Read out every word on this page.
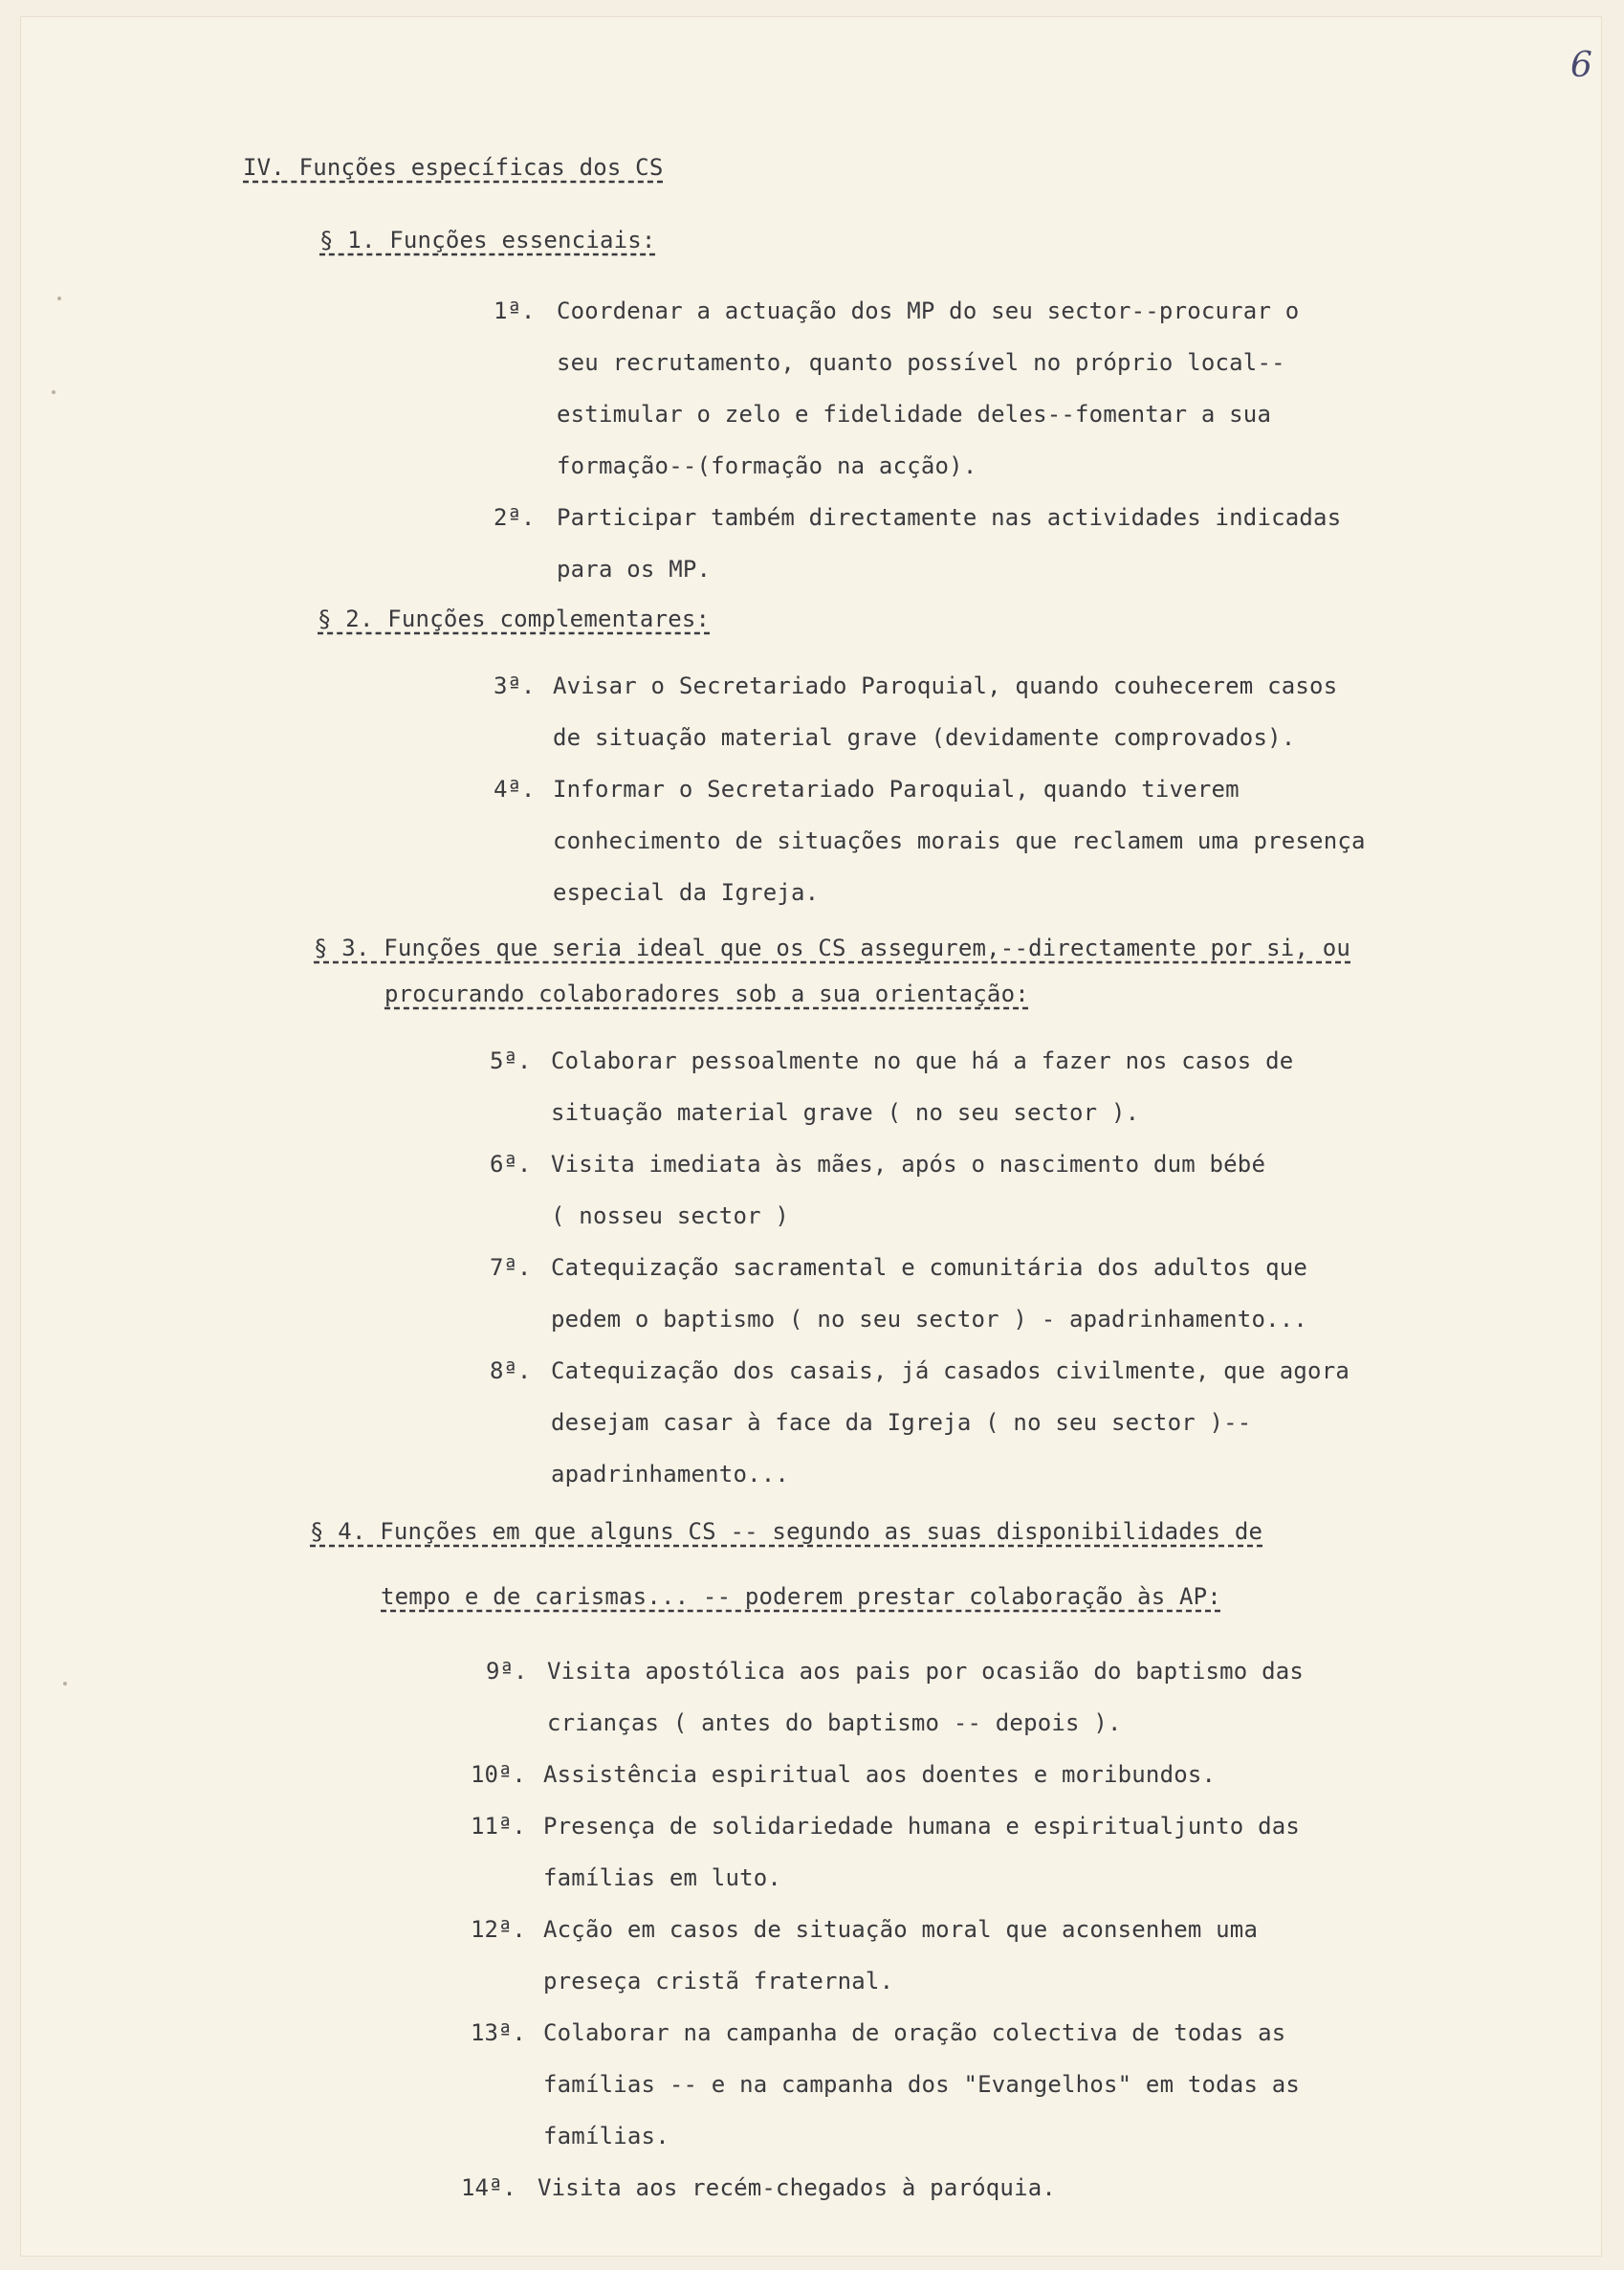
6
IV. Funções específicas dos CS
§ 1. Funções essenciais:
1ª. Coordenar a actuação dos MP do seu sector--procurar o
seu recrutamento, quanto possível no próprio local--
estimular o zelo e fidelidade deles--fomentar a sua
formação--(formação na acção).
2ª. Participar também directamente nas actividades indicadas
para os MP.
§ 2. Funções complementares:
3ª. Avisar o Secretariado Paroquial, quando couhecerem casos
de situação material grave (devidamente comprovados).
4ª. Informar o Secretariado Paroquial, quando tiverem
conhecimento de situações morais que reclamem uma presença
especial da Igreja.
§ 3. Funções que seria ideal que os CS assegurem,--directamente por si, ou
procurando colaboradores sob a sua orientação:
5ª. Colaborar pessoalmente no que há a fazer nos casos de
situação material grave ( no seu sector ).
6ª. Visita imediata às mães, após o nascimento dum bébé
( nosseu sector )
7ª. Catequização sacramental e comunitária dos adultos que
pedem o baptismo ( no seu sector ) - apadrinhamento...
8ª. Catequização dos casais, já casados civilmente, que agora
desejam casar à face da Igreja ( no seu sector )--
apadrinhamento...
§ 4. Funções em que alguns CS -- segundo as suas disponibilidades de
tempo e de carismas... -- poderem prestar colaboração às AP:
9ª. Visita apostólica aos pais por ocasião do baptismo das
crianças ( antes do baptismo -- depois ).
10ª. Assistência espiritual aos doentes e moribundos.
11ª. Presença de solidariedade humana e espiritualjunto das
famílias em luto.
12ª. Acção em casos de situação moral que aconsenhem uma
preseça cristã fraternal.
13ª. Colaborar na campanha de oração colectiva de todas as
famílias -- e na campanha dos "Evangelhos" em todas as
famílias.
14ª. Visita aos recém-chegados à paróquia.
